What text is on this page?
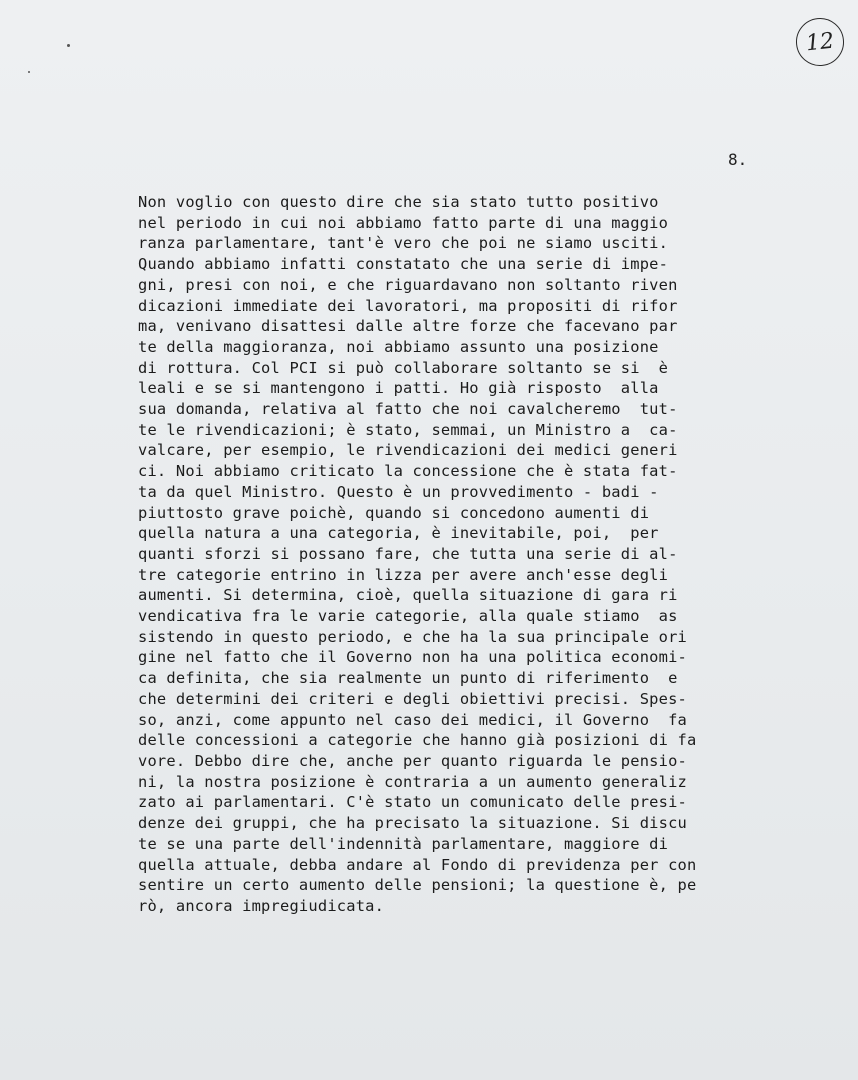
12
8.
Non voglio con questo dire che sia stato tutto positivo
nel periodo in cui noi abbiamo fatto parte di una maggio
ranza parlamentare, tant'è vero che poi ne siamo usciti.
Quando abbiamo infatti constatato che una serie di impe-
gni, presi con noi, e che riguardavano non soltanto riven
dicazioni immediate dei lavoratori, ma propositi di rifor
ma, venivano disattesi dalle altre forze che facevano par
te della maggioranza, noi abbiamo assunto una posizione
di rottura. Col PCI si può collaborare soltanto se si  è
leali e se si mantengono i patti. Ho già risposto  alla
sua domanda, relativa al fatto che noi cavalcheremo  tut-
te le rivendicazioni; è stato, semmai, un Ministro a  ca-
valcare, per esempio, le rivendicazioni dei medici generi
ci. Noi abbiamo criticato la concessione che è stata fat-
ta da quel Ministro. Questo è un provvedimento - badi -
piuttosto grave poichè, quando si concedono aumenti di
quella natura a una categoria, è inevitabile, poi,  per
quanti sforzi si possano fare, che tutta una serie di al-
tre categorie entrino in lizza per avere anch'esse degli
aumenti. Si determina, cioè, quella situazione di gara ri
vendicativa fra le varie categorie, alla quale stiamo  as
sistendo in questo periodo, e che ha la sua principale ori
gine nel fatto che il Governo non ha una politica economi-
ca definita, che sia realmente un punto di riferimento  e
che determini dei criteri e degli obiettivi precisi. Spes-
so, anzi, come appunto nel caso dei medici, il Governo  fa
delle concessioni a categorie che hanno già posizioni di fa
vore. Debbo dire che, anche per quanto riguarda le pensio-
ni, la nostra posizione è contraria a un aumento generaliz
zato ai parlamentari. C'è stato un comunicato delle presi-
denze dei gruppi, che ha precisato la situazione. Si discu
te se una parte dell'indennità parlamentare, maggiore di
quella attuale, debba andare al Fondo di previdenza per con
sentire un certo aumento delle pensioni; la questione è, pe
rò, ancora impregiudicata.
